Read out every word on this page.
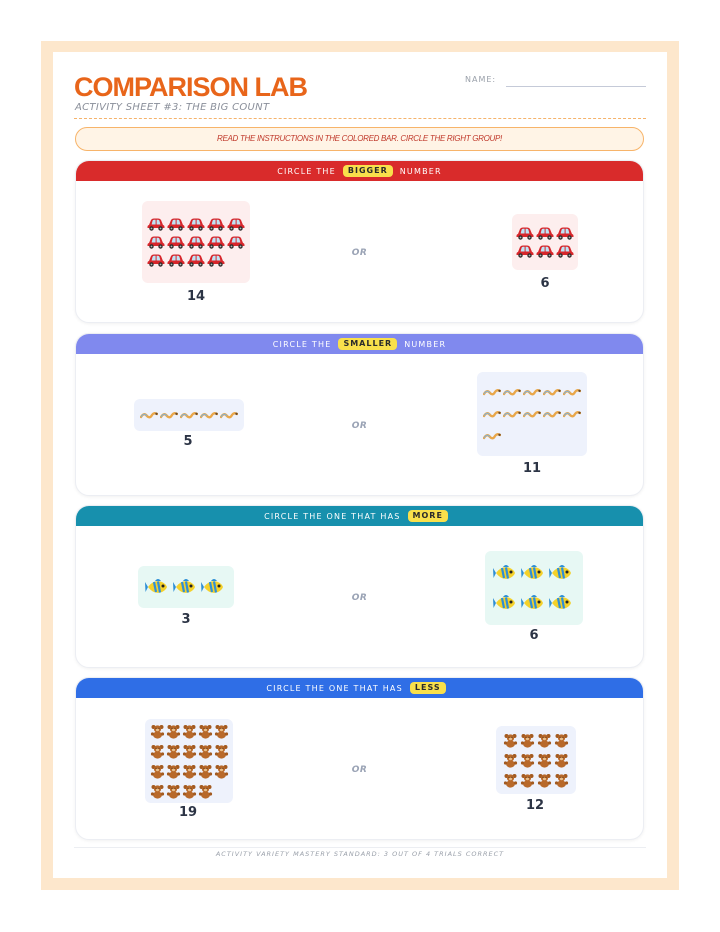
COMPARISON LAB
ACTIVITY SHEET #3: THE BIG COUNT
NAME:
READ THE INSTRUCTIONS IN THE COLORED BAR. CIRCLE THE RIGHT GROUP!
CIRCLE THE	BIGGER	NUMBER
14
OR
6
CIRCLE THE	SMALLER	NUMBER
5
OR
11
CIRCLE THE ONE THAT HAS	MORE
3
OR
6
CIRCLE THE ONE THAT HAS	LESS
19
OR
12
ACTIVITY VARIETY MASTERY STANDARD: 3 OUT OF 4 TRIALS CORRECT
